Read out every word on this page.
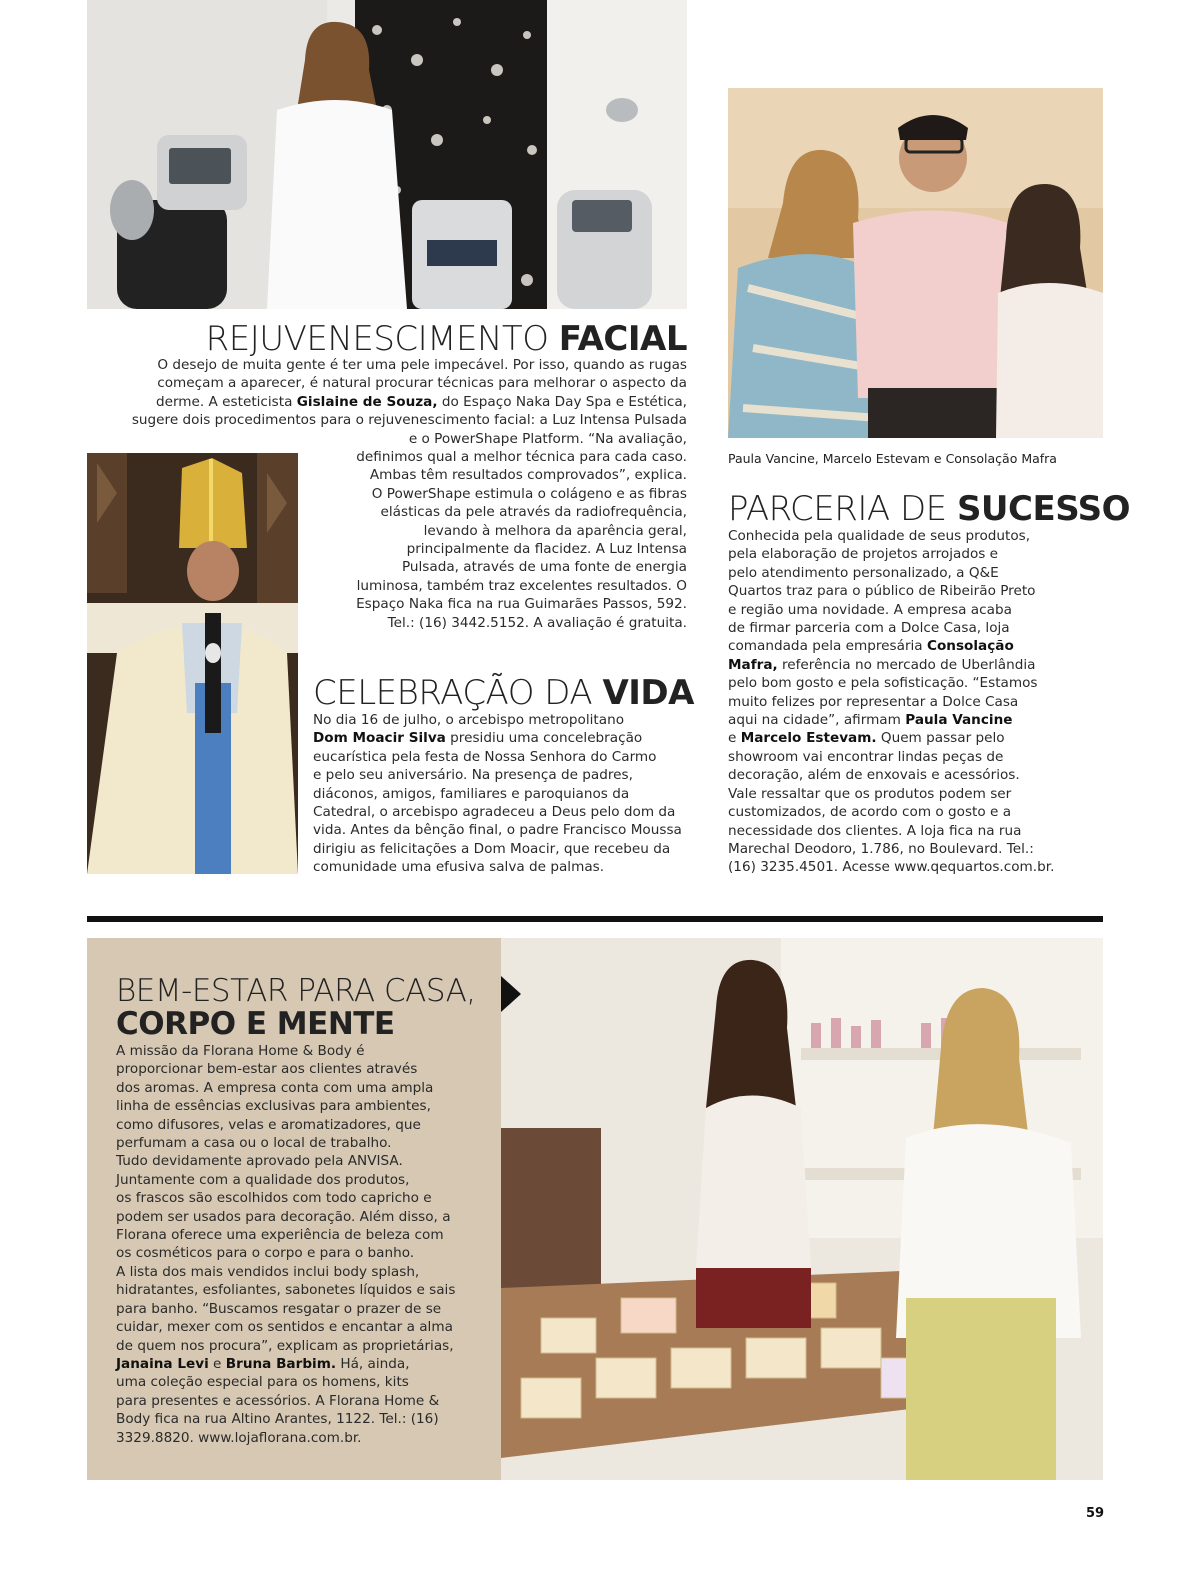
REJUVENESCIMENTO FACIAL

O desejo de muita gente é ter uma pele impecável. Por isso, quando as rugas

começam a aparecer, é natural procurar técnicas para melhorar o aspecto da

derme. A esteticista Gislaine de Souza, do Espaço Naka Day Spa e Estética,

sugere dois procedimentos para o rejuvenescimento facial: a Luz Intensa Pulsada

e o PowerShape Platform. “Na avaliação,

definimos qual a melhor técnica para cada caso.

Ambas têm resultados comprovados”, explica.

O PowerShape estimula o colágeno e as fibras

elásticas da pele através da radiofrequência,

levando à melhora da aparência geral,

principalmente da flacidez. A Luz Intensa

Pulsada, através de uma fonte de energia

luminosa, também traz excelentes resultados. O

Espaço Naka fica na rua Guimarães Passos, 592.

Tel.: (16) 3442.5152. A avaliação é gratuita.

CELEBRAÇÃO DA VIDA

No dia 16 de julho, o arcebispo metropolitano

Dom Moacir Silva presidiu uma concelebração

eucarística pela festa de Nossa Senhora do Carmo

e pelo seu aniversário. Na presença de padres,

diáconos, amigos, familiares e paroquianos da

Catedral, o arcebispo agradeceu a Deus pelo dom da

vida. Antes da bênção final, o padre Francisco Moussa

dirigiu as felicitações a Dom Moacir, que recebeu da

comunidade uma efusiva salva de palmas.

Paula Vancine, Marcelo Estevam e Consolação Mafra
PARCERIA DE SUCESSO

Conhecida pela qualidade de seus produtos,

pela elaboração de projetos arrojados e

pelo atendimento personalizado, a Q&E

Quartos traz para o público de Ribeirão Preto

e região uma novidade. A empresa acaba

de firmar parceria com a Dolce Casa, loja

comandada pela empresária Consolação

Mafra, referência no mercado de Uberlândia

pelo bom gosto e pela sofisticação. “Estamos

muito felizes por representar a Dolce Casa

aqui na cidade”, afirmam Paula Vancine

e Marcelo Estevam. Quem passar pelo

showroom vai encontrar lindas peças de

decoração, além de enxovais e acessórios.

Vale ressaltar que os produtos podem ser

customizados, de acordo com o gosto e a

necessidade dos clientes. A loja fica na rua

Marechal Deodoro, 1.786, no Boulevard. Tel.:

(16) 3235.4501. Acesse www.qequartos.com.br.

BEM-ESTAR PARA CASA,
CORPO E MENTE

A missão da Florana Home & Body é

proporcionar bem-estar aos clientes através

dos aromas. A empresa conta com uma ampla

linha de essências exclusivas para ambientes,

como difusores, velas e aromatizadores, que

perfumam a casa ou o local de trabalho.

Tudo devidamente aprovado pela ANVISA.

Juntamente com a qualidade dos produtos,

os frascos são escolhidos com todo capricho e

podem ser usados para decoração. Além disso, a

Florana oferece uma experiência de beleza com

os cosméticos para o corpo e para o banho.

A lista dos mais vendidos inclui body splash,

hidratantes, esfoliantes, sabonetes líquidos e sais

para banho. “Buscamos resgatar o prazer de se

cuidar, mexer com os sentidos e encantar a alma

de quem nos procura”, explicam as proprietárias,

Janaina Levi e Bruna Barbim. Há, ainda,

uma coleção especial para os homens, kits

para presentes e acessórios. A Florana Home &

Body fica na rua Altino Arantes, 1122. Tel.: (16)

3329.8820. www.lojaflorana.com.br.

59
